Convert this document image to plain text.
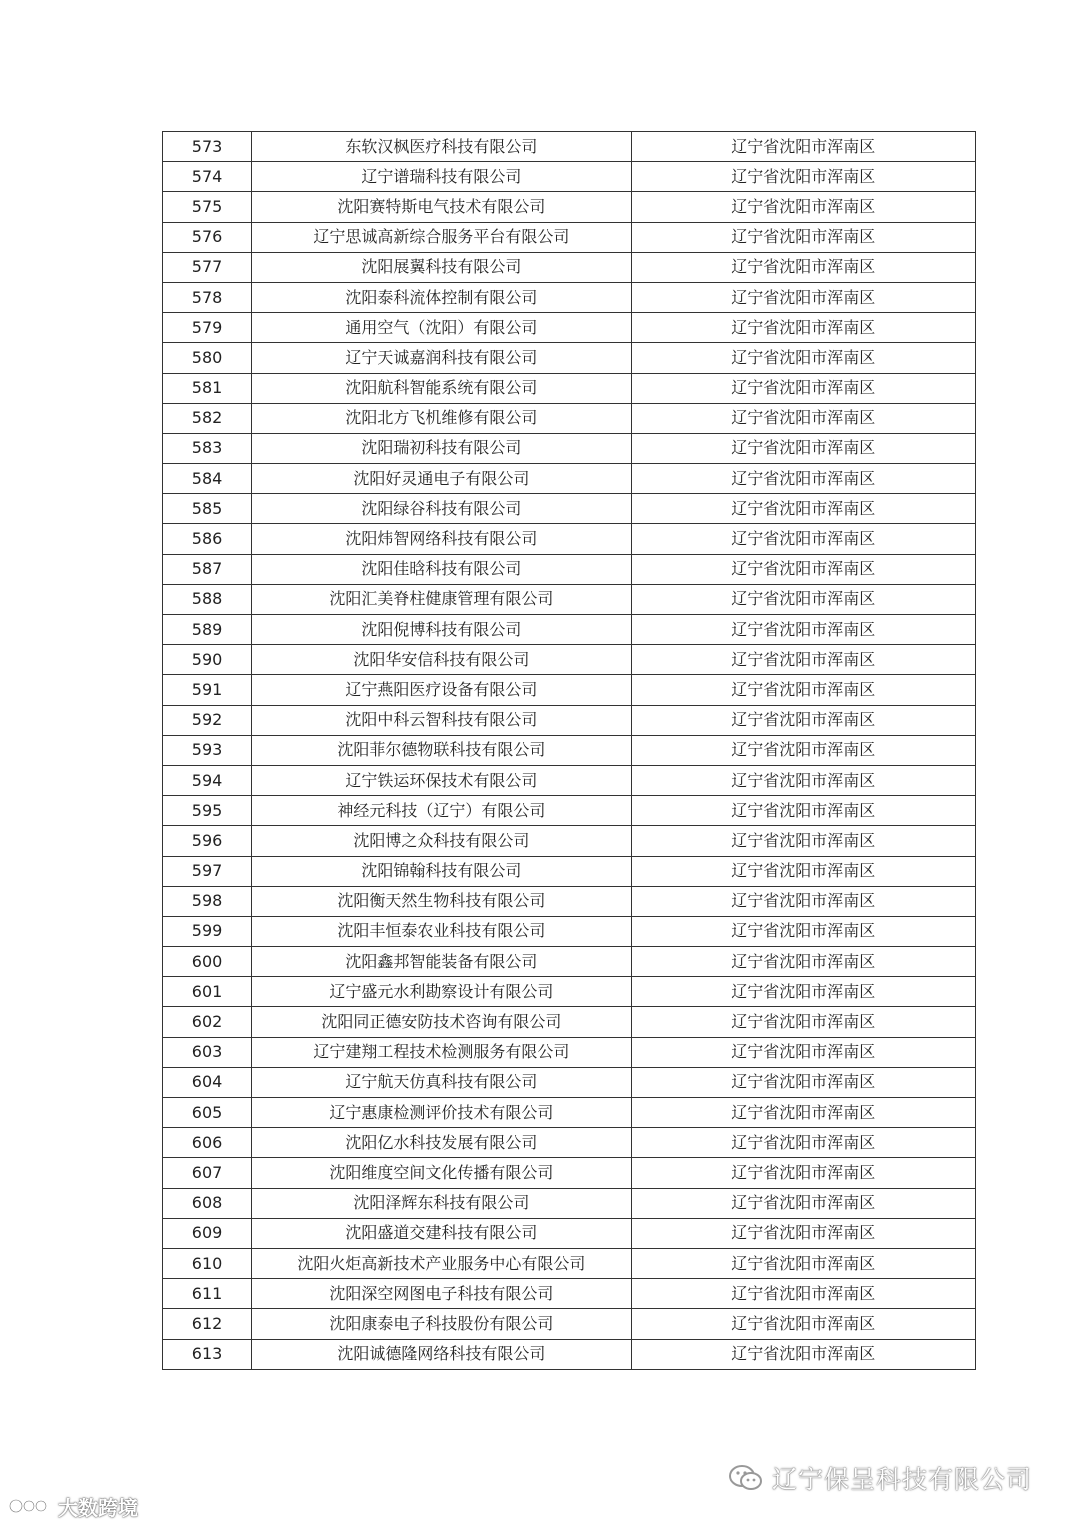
573	东软汉枫医疗科技有限公司	辽宁省沈阳市浑南区
574	辽宁谱瑞科技有限公司	辽宁省沈阳市浑南区
575	沈阳赛特斯电气技术有限公司	辽宁省沈阳市浑南区
576	辽宁思诚高新综合服务平台有限公司	辽宁省沈阳市浑南区
577	沈阳展翼科技有限公司	辽宁省沈阳市浑南区
578	沈阳泰科流体控制有限公司	辽宁省沈阳市浑南区
579	通用空气（沈阳）有限公司	辽宁省沈阳市浑南区
580	辽宁天诚嘉润科技有限公司	辽宁省沈阳市浑南区
581	沈阳航科智能系统有限公司	辽宁省沈阳市浑南区
582	沈阳北方飞机维修有限公司	辽宁省沈阳市浑南区
583	沈阳瑞初科技有限公司	辽宁省沈阳市浑南区
584	沈阳好灵通电子有限公司	辽宁省沈阳市浑南区
585	沈阳绿谷科技有限公司	辽宁省沈阳市浑南区
586	沈阳炜智网络科技有限公司	辽宁省沈阳市浑南区
587	沈阳佳晗科技有限公司	辽宁省沈阳市浑南区
588	沈阳汇美脊柱健康管理有限公司	辽宁省沈阳市浑南区
589	沈阳倪博科技有限公司	辽宁省沈阳市浑南区
590	沈阳华安信科技有限公司	辽宁省沈阳市浑南区
591	辽宁燕阳医疗设备有限公司	辽宁省沈阳市浑南区
592	沈阳中科云智科技有限公司	辽宁省沈阳市浑南区
593	沈阳菲尔德物联科技有限公司	辽宁省沈阳市浑南区
594	辽宁铁运环保技术有限公司	辽宁省沈阳市浑南区
595	神经元科技（辽宁）有限公司	辽宁省沈阳市浑南区
596	沈阳博之众科技有限公司	辽宁省沈阳市浑南区
597	沈阳锦翰科技有限公司	辽宁省沈阳市浑南区
598	沈阳衡天然生物科技有限公司	辽宁省沈阳市浑南区
599	沈阳丰恒泰农业科技有限公司	辽宁省沈阳市浑南区
600	沈阳鑫邦智能装备有限公司	辽宁省沈阳市浑南区
601	辽宁盛元水利勘察设计有限公司	辽宁省沈阳市浑南区
602	沈阳同正德安防技术咨询有限公司	辽宁省沈阳市浑南区
603	辽宁建翔工程技术检测服务有限公司	辽宁省沈阳市浑南区
604	辽宁航天仿真科技有限公司	辽宁省沈阳市浑南区
605	辽宁惠康检测评价技术有限公司	辽宁省沈阳市浑南区
606	沈阳亿水科技发展有限公司	辽宁省沈阳市浑南区
607	沈阳维度空间文化传播有限公司	辽宁省沈阳市浑南区
608	沈阳泽辉东科技有限公司	辽宁省沈阳市浑南区
609	沈阳盛道交建科技有限公司	辽宁省沈阳市浑南区
610	沈阳火炬高新技术产业服务中心有限公司	辽宁省沈阳市浑南区
611	沈阳深空网图电子科技有限公司	辽宁省沈阳市浑南区
612	沈阳康泰电子科技股份有限公司	辽宁省沈阳市浑南区
613	沈阳诚德隆网络科技有限公司	辽宁省沈阳市浑南区
大数跨境
辽宁保呈科技有限公司
